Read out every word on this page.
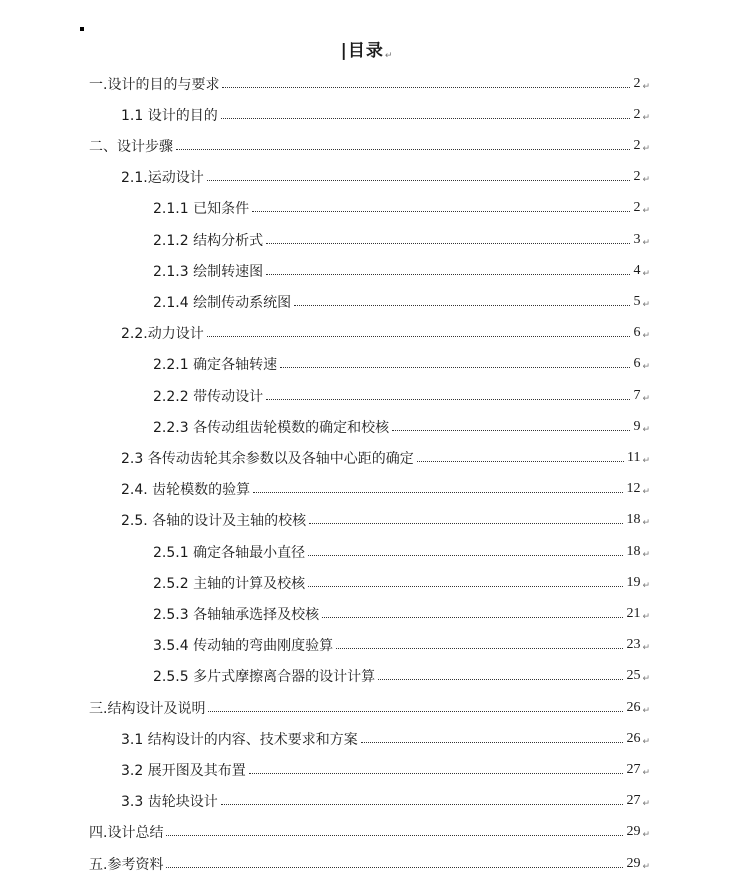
|目录↵
一.设计的目的与要求	2 ↵
1.1 设计的目的	2 ↵
二、设计步骤	2 ↵
2.1.运动设计	2 ↵
2.1.1 已知条件	2 ↵
2.1.2 结构分析式	3 ↵
2.1.3 绘制转速图	4 ↵
2.1.4 绘制传动系统图	5 ↵
2.2.动力设计	6 ↵
2.2.1 确定各轴转速	6 ↵
2.2.2 带传动设计	7 ↵
2.2.3 各传动组齿轮模数的确定和校核	9 ↵
2.3 各传动齿轮其余参数以及各轴中心距的确定	11 ↵
2.4. 齿轮模数的验算	12 ↵
2.5. 各轴的设计及主轴的校核	18 ↵
2.5.1 确定各轴最小直径	18 ↵
2.5.2 主轴的计算及校核	19 ↵
2.5.3 各轴轴承选择及校核	21 ↵
3.5.4 传动轴的弯曲刚度验算	23 ↵
2.5.5 多片式摩擦离合器的设计计算	25 ↵
三.结构设计及说明	26 ↵
3.1 结构设计的内容、技术要求和方案	26 ↵
3.2 展开图及其布置	27 ↵
3.3 齿轮块设计	27 ↵
四.设计总结	29 ↵
五.参考资料	29 ↵
